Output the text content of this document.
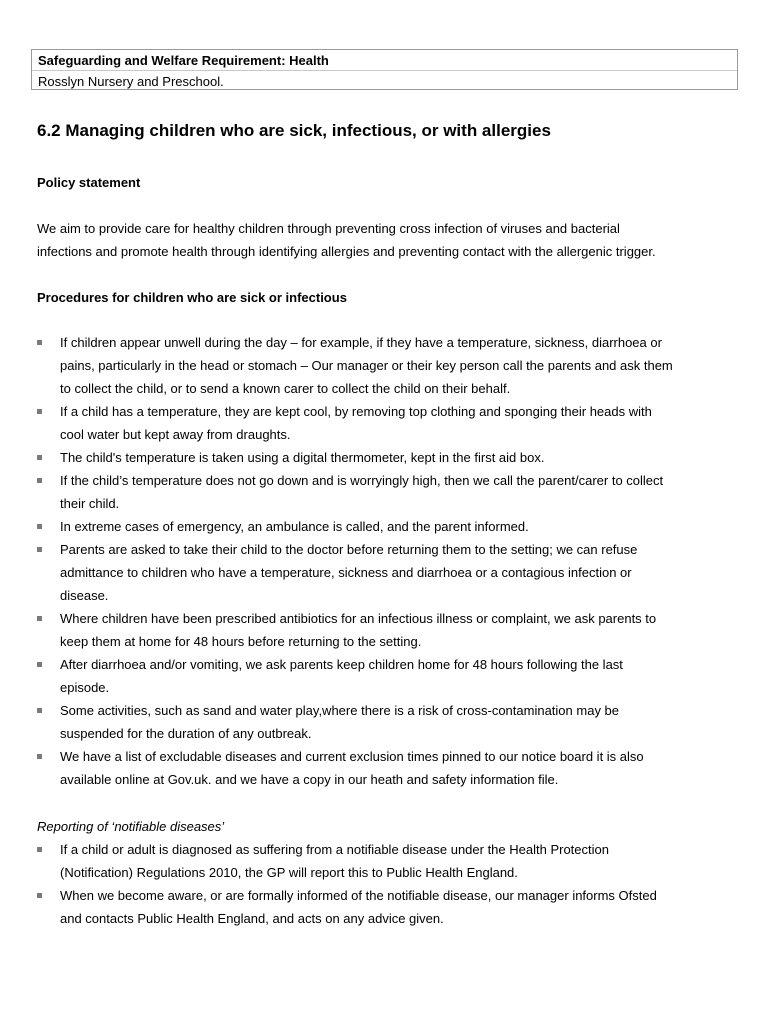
Safeguarding and Welfare Requirement: Health
Rosslyn Nursery and Preschool.
6.2 Managing children who are sick, infectious, or with allergies
Policy statement
We aim to provide care for healthy children through preventing cross infection of viruses and bacterial
infections and promote health through identifying allergies and preventing contact with the allergenic trigger.
Procedures for children who are sick or infectious
If children appear unwell during the day – for example, if they have a temperature, sickness, diarrhoea or
pains, particularly in the head or stomach – Our manager or their key person call the parents and ask them
to collect the child, or to send a known carer to collect the child on their behalf.
If a child has a temperature, they are kept cool, by removing top clothing and sponging their heads with
cool water but kept away from draughts.
The child's temperature is taken using a digital thermometer, kept in the first aid box.
If the child’s temperature does not go down and is worryingly high, then we call the parent/carer to collect
their child.
In extreme cases of emergency, an ambulance is called, and the parent informed.
Parents are asked to take their child to the doctor before returning them to the setting; we can refuse
admittance to children who have a temperature, sickness and diarrhoea or a contagious infection or
disease.
Where children have been prescribed antibiotics for an infectious illness or complaint, we ask parents to
keep them at home for 48 hours before returning to the setting.
After diarrhoea and/or vomiting, we ask parents keep children home for 48 hours following the last
episode.
Some activities, such as sand and water play,where there is a risk of cross-contamination may be
suspended for the duration of any outbreak.
We have a list of excludable diseases and current exclusion times pinned to our notice board it is also
available online at Gov.uk. and we have a copy in our heath and safety information file.
Reporting of ‘notifiable diseases’
If a child or adult is diagnosed as suffering from a notifiable disease under the Health Protection
(Notification) Regulations 2010, the GP will report this to Public Health England.
When we become aware, or are formally informed of the notifiable disease, our manager informs Ofsted
and contacts Public Health England, and acts on any advice given.
